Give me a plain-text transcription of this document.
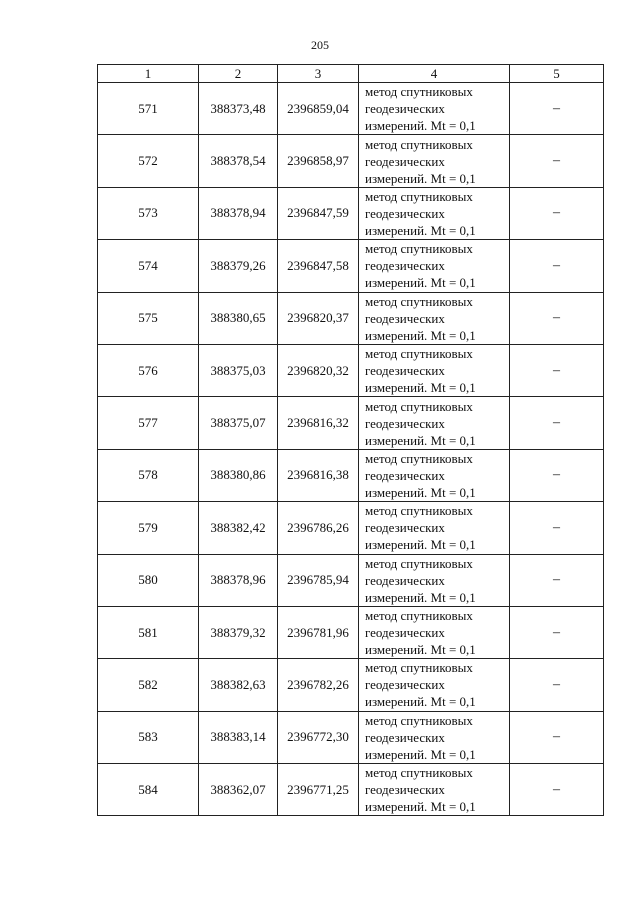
205
1	2	3	4	5
571	388373,48	2396859,04	метод спутниковых
геодезических
измерений. Mt = 0,1	–
572	388378,54	2396858,97	метод спутниковых
геодезических
измерений. Mt = 0,1	–
573	388378,94	2396847,59	метод спутниковых
геодезических
измерений. Mt = 0,1	–
574	388379,26	2396847,58	метод спутниковых
геодезических
измерений. Mt = 0,1	–
575	388380,65	2396820,37	метод спутниковых
геодезических
измерений. Mt = 0,1	–
576	388375,03	2396820,32	метод спутниковых
геодезических
измерений. Mt = 0,1	–
577	388375,07	2396816,32	метод спутниковых
геодезических
измерений. Mt = 0,1	–
578	388380,86	2396816,38	метод спутниковых
геодезических
измерений. Mt = 0,1	–
579	388382,42	2396786,26	метод спутниковых
геодезических
измерений. Mt = 0,1	–
580	388378,96	2396785,94	метод спутниковых
геодезических
измерений. Mt = 0,1	–
581	388379,32	2396781,96	метод спутниковых
геодезических
измерений. Mt = 0,1	–
582	388382,63	2396782,26	метод спутниковых
геодезических
измерений. Mt = 0,1	–
583	388383,14	2396772,30	метод спутниковых
геодезических
измерений. Mt = 0,1	–
584	388362,07	2396771,25	метод спутниковых
геодезических
измерений. Mt = 0,1	–
